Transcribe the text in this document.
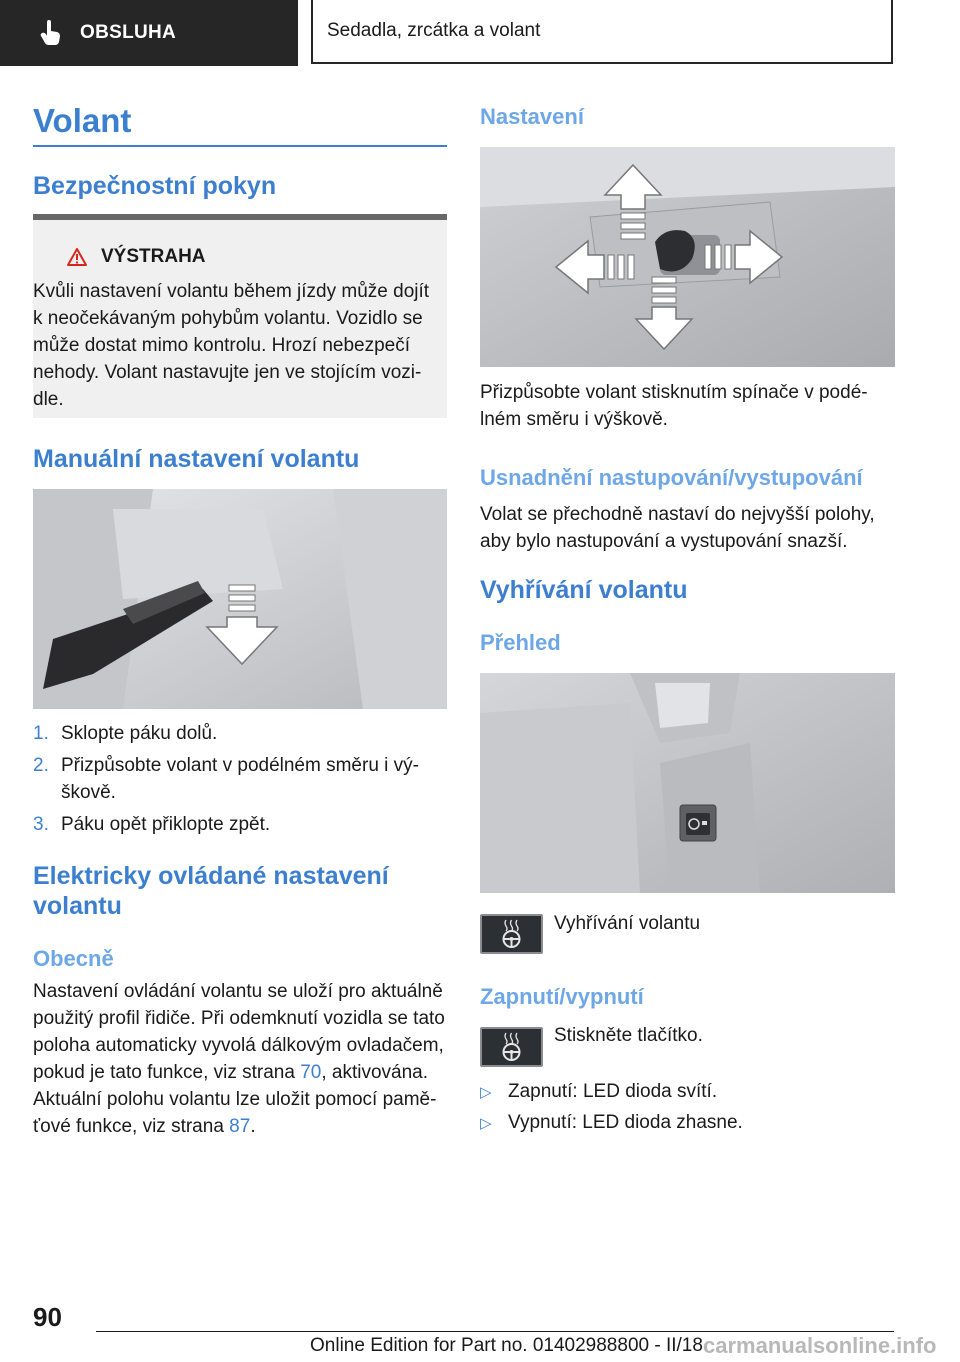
OBSLUHA	Sedadla, zrcátka a volant
Volant
Bezpečnostní pokyn
VÝSTRAHA
Kvůli nastavení volantu během jízdy může dojít
k neočekávaným pohybům volantu. Vozidlo se
může dostat mimo kontrolu. Hrozí nebezpečí
nehody. Volant nastavujte jen ve stojícím vozi‐
dle.
Manuální nastavení volantu
1. Sklopte páku dolů.
2. Přizpůsobte volant v podélném směru i vý‐
škově.
3. Páku opět přiklopte zpět.
Elektricky ovládané nastavení
volantu
Obecně
Nastavení ovládání volantu se uloží pro aktuálně
použitý profil řidiče. Při odemknutí vozidla se tato
poloha automaticky vyvolá dálkovým ovladačem,
pokud je tato funkce, viz strana 70, aktivována.
Aktuální polohu volantu lze uložit pomocí pamě‐
ťové funkce, viz strana 87.
Nastavení
Přizpůsobte volant stisknutím spínače v podé‐
lném směru i výškově.
Usnadnění nastupování/vystupování
Volat se přechodně nastaví do nejvyšší polohy,
aby bylo nastupování a vystupování snazší.
Vyhřívání volantu
Přehled
Vyhřívání volantu
Zapnutí/vypnutí
Stiskněte tlačítko.
▷ Zapnutí: LED dioda svítí.
▷ Vypnutí: LED dioda zhasne.
90
Online Edition for Part no. 01402988800 - II/18 carmanualsonline.info
